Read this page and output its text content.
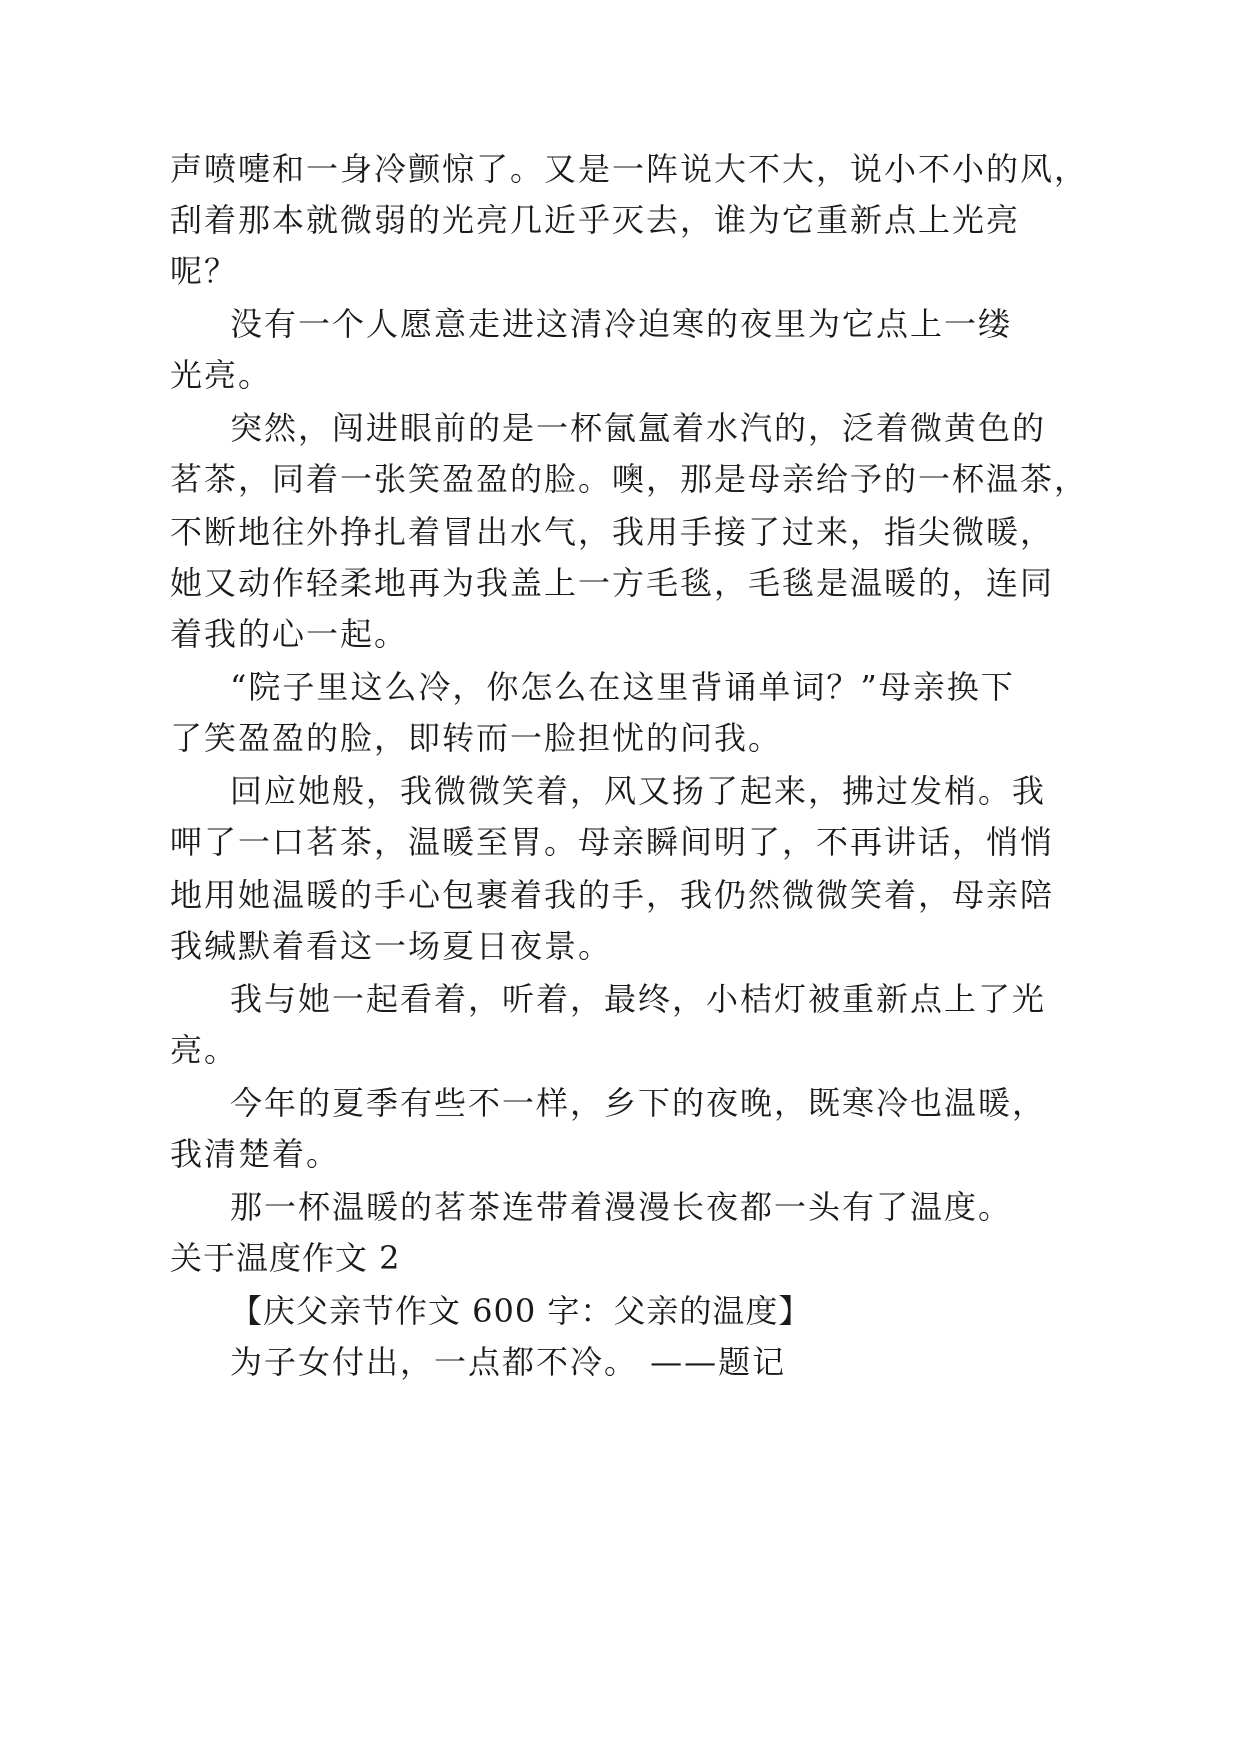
声喷嚏和一身冷颤惊了。又是一阵说大不大，说小不小的风，
刮着那本就微弱的光亮几近乎灭去，谁为它重新点上光亮
呢？
没有一个人愿意走进这清冷迫寒的夜里为它点上一缕
光亮。
突然，闯进眼前的是一杯氤氲着水汽的，泛着微黄色的
茗茶，同着一张笑盈盈的脸。噢，那是母亲给予的一杯温茶，
不断地往外挣扎着冒出水气，我用手接了过来，指尖微暖，
她又动作轻柔地再为我盖上一方毛毯，毛毯是温暖的，连同
着我的心一起。
“院子里这么冷，你怎么在这里背诵单词？”母亲换下
了笑盈盈的脸，即转而一脸担忧的问我。
回应她般，我微微笑着，风又扬了起来，拂过发梢。我
呷了一口茗茶，温暖至胃。母亲瞬间明了，不再讲话，悄悄
地用她温暖的手心包裹着我的手，我仍然微微笑着，母亲陪
我缄默着看这一场夏日夜景。
我与她一起看着，听着，最终，小桔灯被重新点上了光
亮。
今年的夏季有些不一样，乡下的夜晚，既寒冷也温暖，
我清楚着。
那一杯温暖的茗茶连带着漫漫长夜都一头有了温度。
关于温度作文 2
【庆父亲节作文 600 字：父亲的温度】
为子女付出，一点都不冷。 ——题记
